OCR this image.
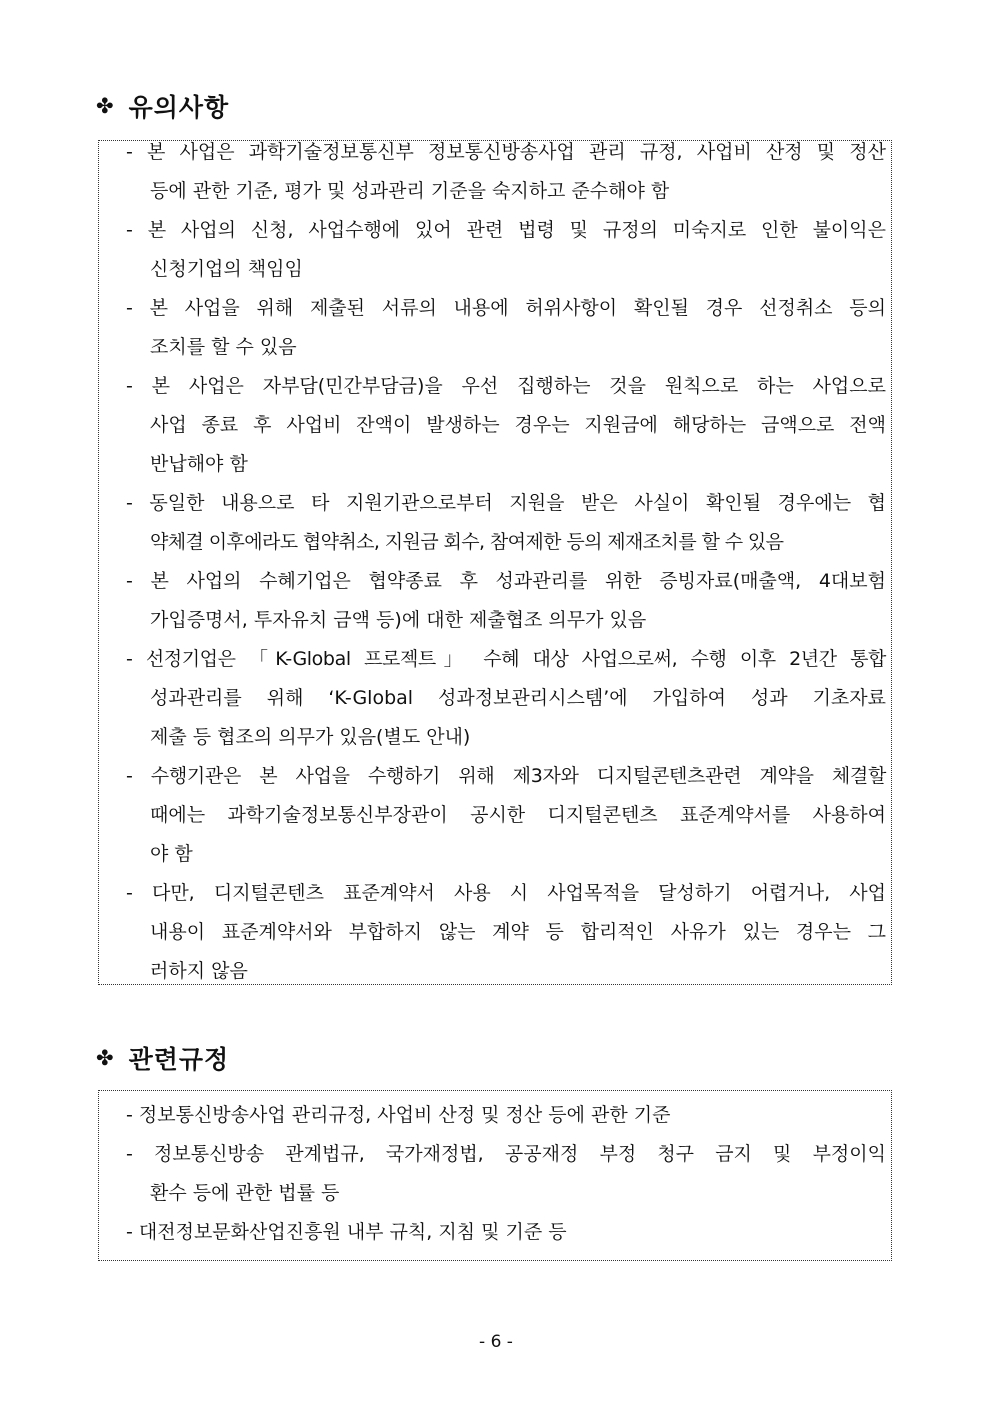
✤ 유의사항
- 본 사업은 과학기술정보통신부 정보통신방송사업 관리 규정, 사업비 산정 및 정산
등에 관한 기준, 평가 및 성과관리 기준을 숙지하고 준수해야 함
- 본 사업의 신청, 사업수행에 있어 관련 법령 및 규정의 미숙지로 인한 불이익은
신청기업의 책임임
- 본 사업을 위해 제출된 서류의 내용에 허위사항이 확인될 경우 선정취소 등의
조치를 할 수 있음
- 본 사업은 자부담(민간부담금)을 우선 집행하는 것을 원칙으로 하는 사업으로
사업 종료 후 사업비 잔액이 발생하는 경우는 지원금에 해당하는 금액으로 전액
반납해야 함
- 동일한 내용으로 타 지원기관으로부터 지원을 받은 사실이 확인될 경우에는 협
약체결 이후에라도 협약취소, 지원금 회수, 참여제한 등의 제재조치를 할 수 있음
- 본 사업의 수혜기업은 협약종료 후 성과관리를 위한 증빙자료(매출액, 4대보험
가입증명서, 투자유치 금액 등)에 대한 제출협조 의무가 있음
- 선정기업은 「K-Global 프로젝트」 수혜 대상 사업으로써, 수행 이후 2년간 통합
성과관리를 위해 ‘K-Global 성과정보관리시스템’에 가입하여 성과 기초자료
제출 등 협조의 의무가 있음(별도 안내)
- 수행기관은 본 사업을 수행하기 위해 제3자와 디지털콘텐츠관련 계약을 체결할
때에는 과학기술정보통신부장관이 공시한 디지털콘텐츠 표준계약서를 사용하여
야 함
- 다만, 디지털콘텐츠 표준계약서 사용 시 사업목적을 달성하기 어렵거나, 사업
내용이 표준계약서와 부합하지 않는 계약 등 합리적인 사유가 있는 경우는 그
러하지 않음
✤ 관련규정
- 정보통신방송사업 관리규정, 사업비 산정 및 정산 등에 관한 기준
- 정보통신방송 관계법규, 국가재정법, 공공재정 부정 청구 금지 및 부정이익
환수 등에 관한 법률 등
- 대전정보문화산업진흥원 내부 규칙, 지침 및 기준 등
- 6 -
